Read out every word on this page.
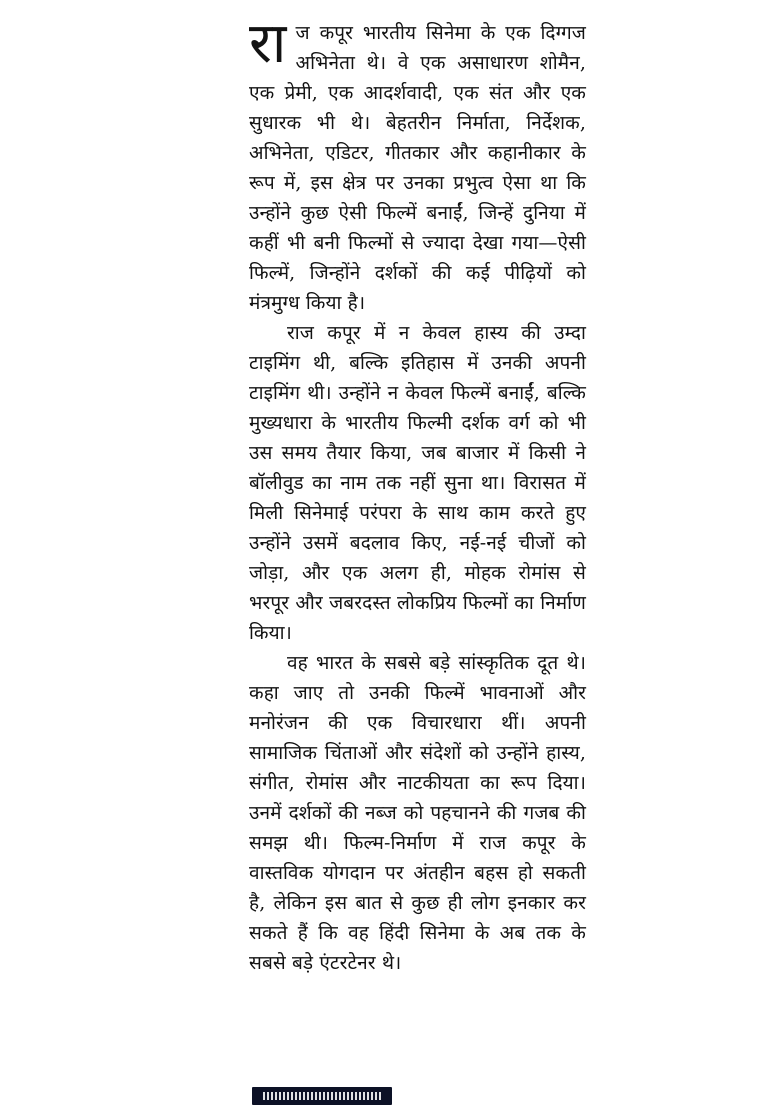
राज कपूर भारतीय सिनेमा के एक दिग्गज अभिनेता थे। वे एक असाधारण शोमैन, एक प्रेमी, एक आदर्शवादी, एक संत और एक सुधारक भी थे। बेहतरीन निर्माता, निर्देशक, अभिनेता, एडिटर, गीतकार और कहानीकार के रूप में, इस क्षेत्र पर उनका प्रभुत्व ऐसा था कि उन्होंने कुछ ऐसी फिल्में बनाईं, जिन्हें दुनिया में कहीं भी बनी फिल्मों से ज्यादा देखा गया—ऐसी फिल्में, जिन्होंने दर्शकों की कई पीढ़ियों को मंत्रमुग्ध किया है।

राज कपूर में न केवल हास्य की उम्दा टाइमिंग थी, बल्कि इतिहास में उनकी अपनी टाइमिंग थी। उन्होंने न केवल फिल्में बनाईं, बल्कि मुख्यधारा के भारतीय फिल्मी दर्शक वर्ग को भी उस समय तैयार किया, जब बाजार में किसी ने बॉलीवुड का नाम तक नहीं सुना था। विरासत में मिली सिनेमाई परंपरा के साथ काम करते हुए उन्होंने उसमें बदलाव किए, नई-नई चीजों को जोड़ा, और एक अलग ही, मोहक रोमांस से भरपूर और जबरदस्त लोकप्रिय फिल्मों का निर्माण किया।

वह भारत के सबसे बड़े सांस्कृतिक दूत थे। कहा जाए तो उनकी फिल्में भावनाओं और मनोरंजन की एक विचारधारा थीं। अपनी सामाजिक चिंताओं और संदेशों को उन्होंने हास्य, संगीत, रोमांस और नाटकीयता का रूप दिया। उनमें दर्शकों की नब्ज को पहचानने की गजब की समझ थी। फिल्म-निर्माण में राज कपूर के वास्तविक योगदान पर अंतहीन बहस हो सकती है, लेकिन इस बात से कुछ ही लोग इनकार कर सकते हैं कि वह हिंदी सिनेमा के अब तक के सबसे बड़े एंटरटेनर थे।
